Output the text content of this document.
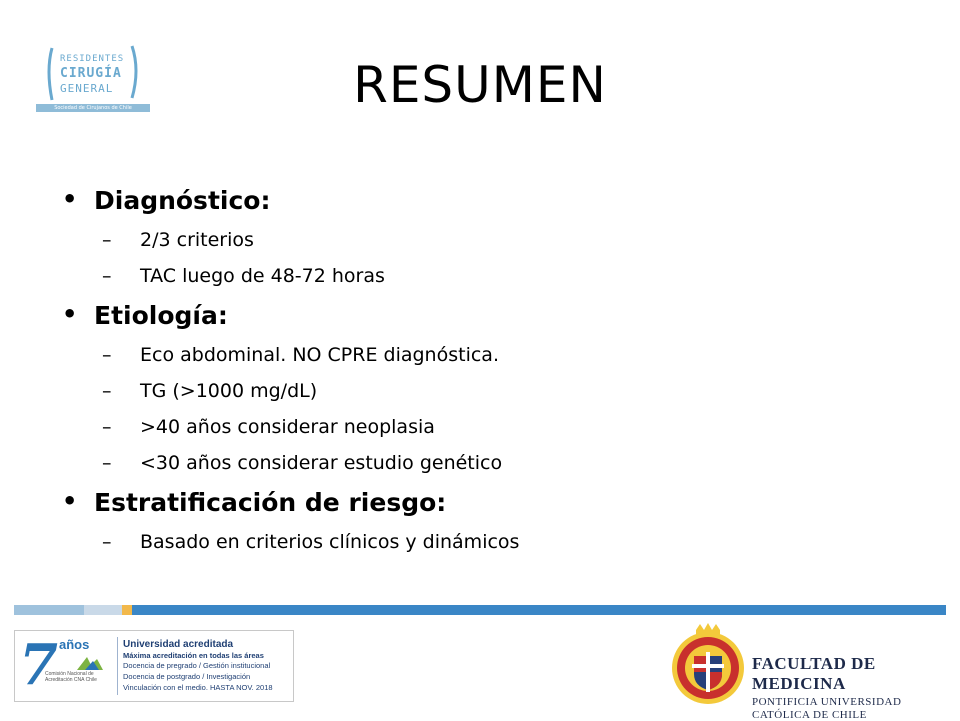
RESIDENTES
CIRUGÍA
GENERAL
Sociedad de Cirujanos de Chile	RESUMEN
• Diagnóstico:
– 2/3 criterios
– TAC luego de 48-72 horas
• Etiología:
– Eco abdominal. NO CPRE diagnóstica.
– TG (>1000 mg/dL)
– >40 años considerar neoplasia
– <30 años considerar estudio genético
• Estratificación de riesgo:
– Basado en criterios clínicos y dinámicos
7 años
Comisión Nacional de Acreditación CNA Chile
Universidad acreditada
Máxima acreditación en todas las áreas
Docencia de pregrado / Gestión institucional
Docencia de postgrado / Investigación
Vinculación con el medio. HASTA NOV. 2018
FACULTAD DE MEDICINA
PONTIFICIA UNIVERSIDAD
CATÓLICA DE CHILE
